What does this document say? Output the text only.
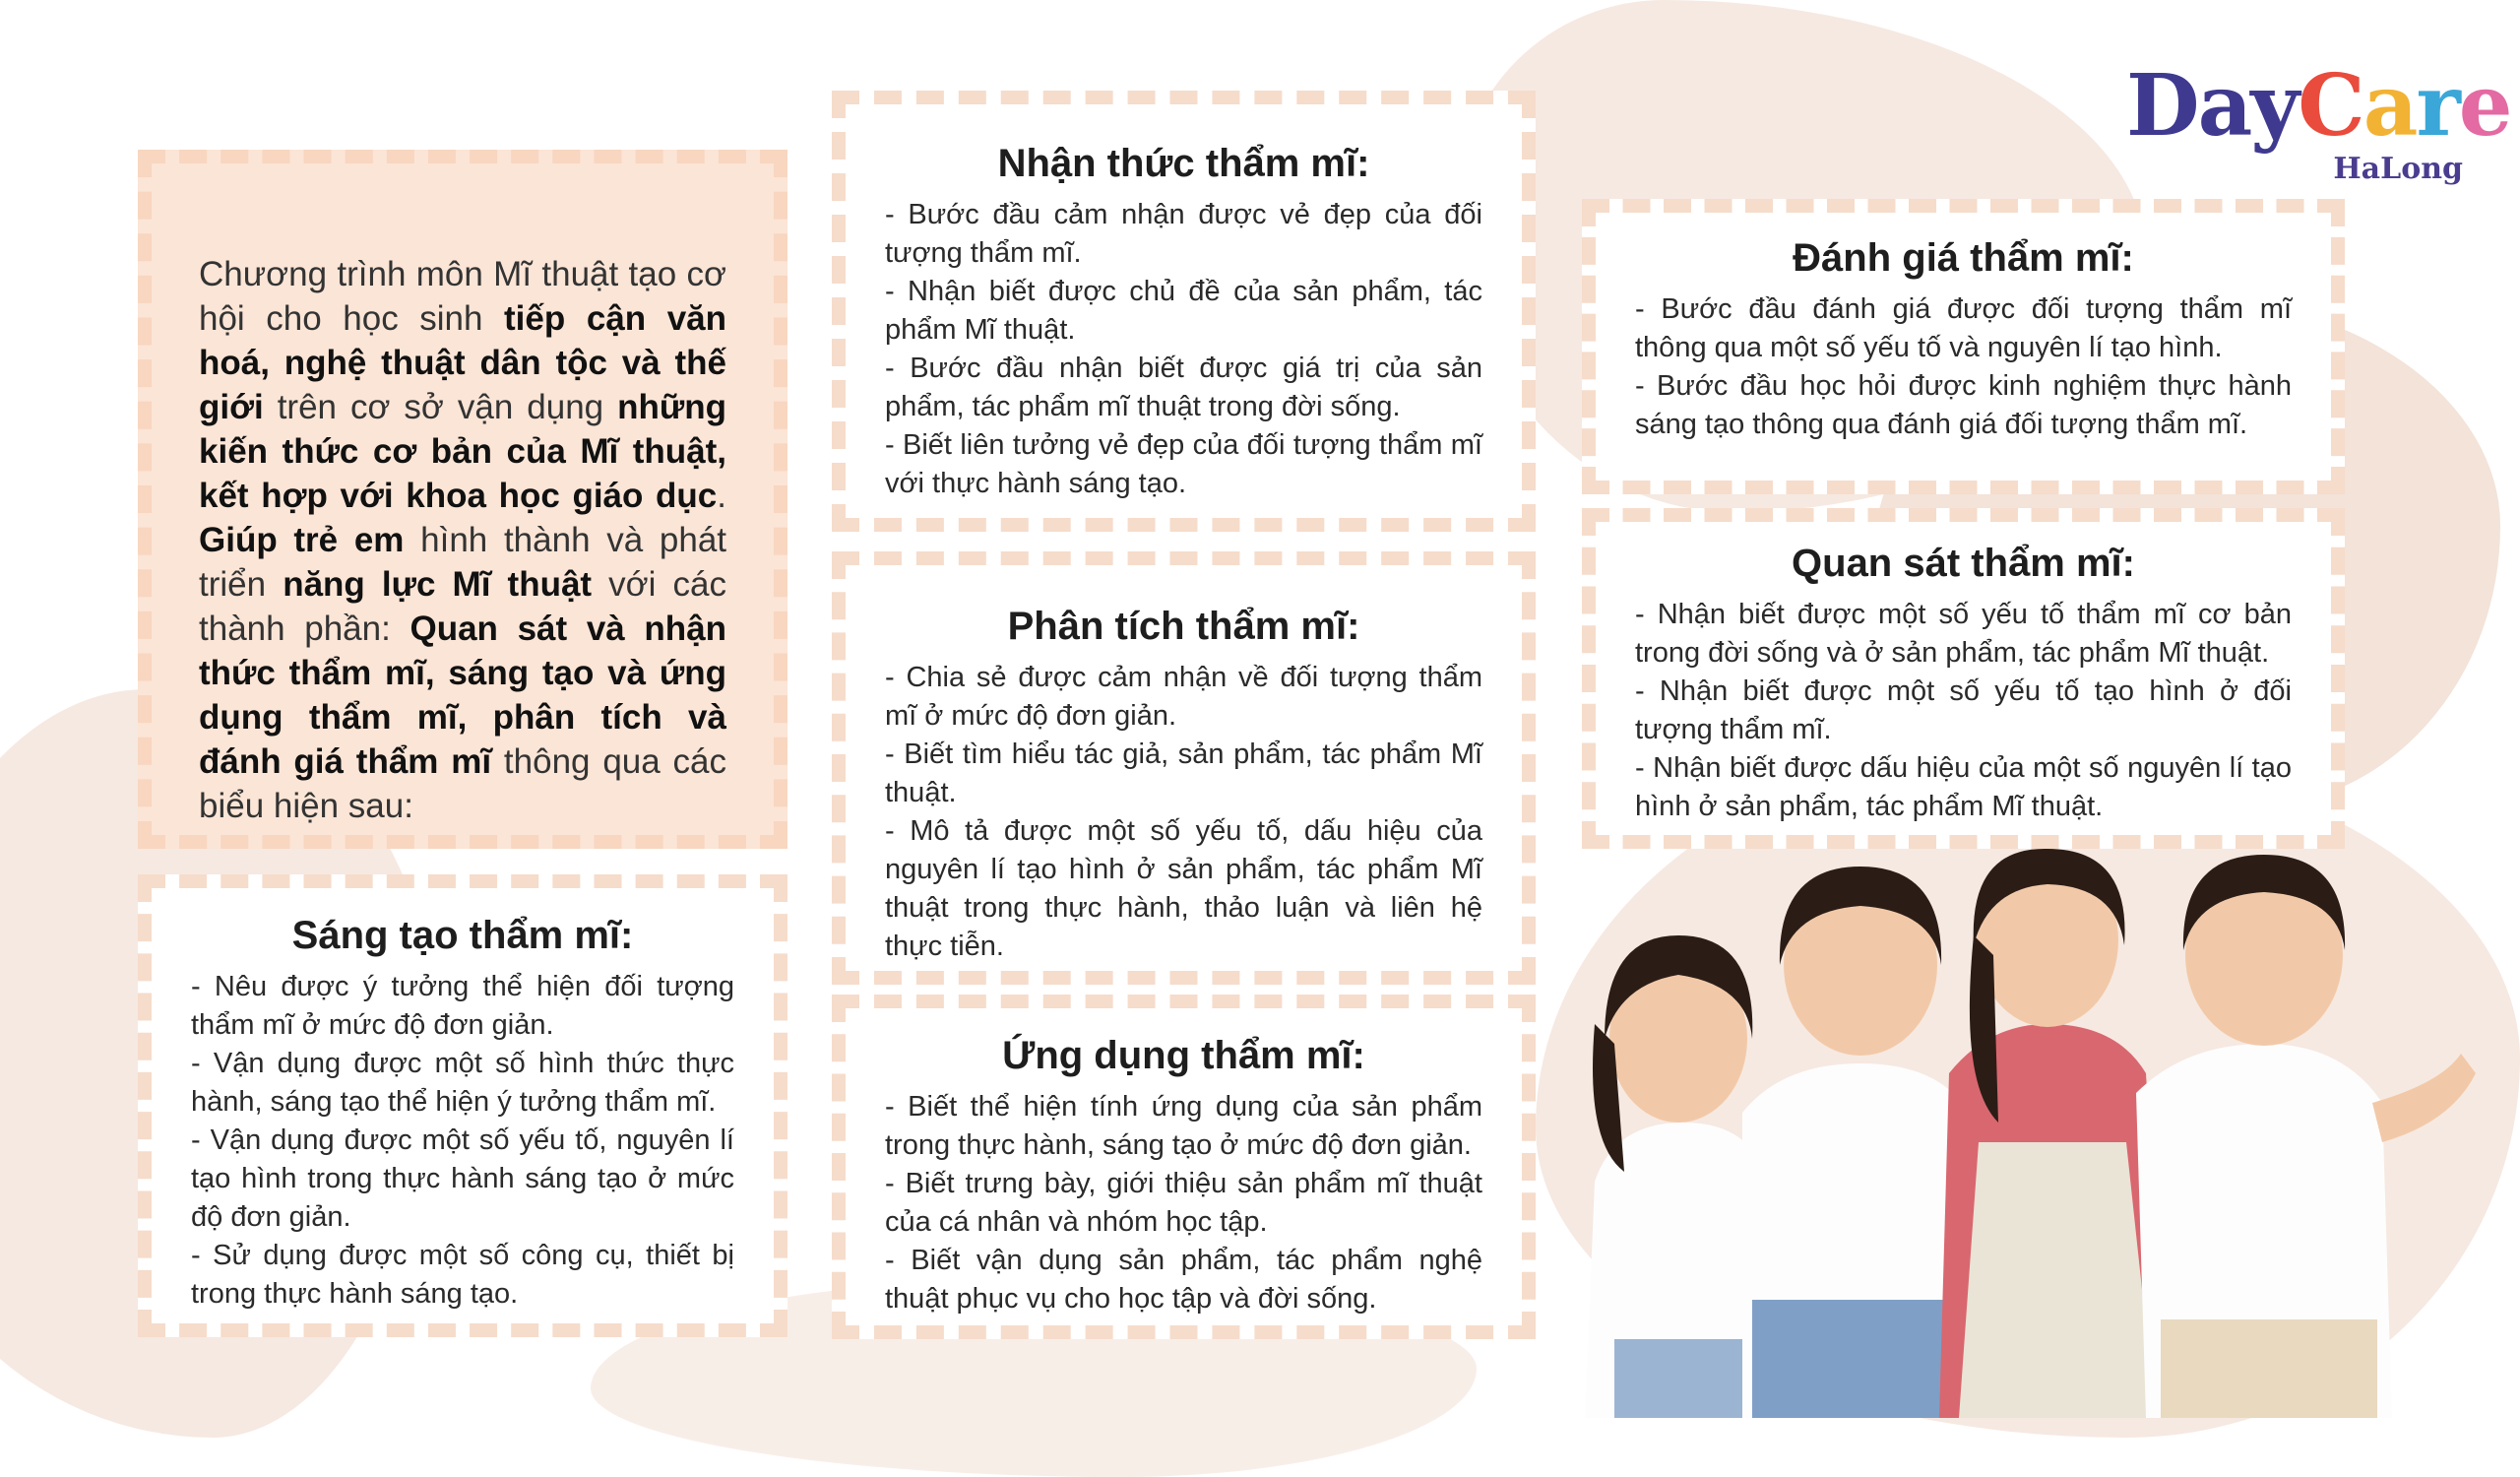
DayCare
HaLong
Chương trình môn Mĩ thuật tạo cơ hội cho học sinh tiếp cận văn hoá, nghệ thuật dân tộc và thế giới trên cơ sở vận dụng những kiến thức cơ bản của Mĩ thuật, kết hợp với khoa học giáo dục. Giúp trẻ em hình thành và phát triển năng lực Mĩ thuật với các thành phần: Quan sát và nhận thức thẩm mĩ, sáng tạo và ứng dụng thẩm mĩ, phân tích và đánh giá thẩm mĩ thông qua các biểu hiện sau:
Sáng tạo thẩm mĩ:
- Nêu được ý tưởng thể hiện đối tượng thẩm mĩ ở mức độ đơn giản.
- Vận dụng được một số hình thức thực hành, sáng tạo thể hiện ý tưởng thẩm mĩ.
- Vận dụng được một số yếu tố, nguyên lí tạo hình trong thực hành sáng tạo ở mức độ đơn giản.
- Sử dụng được một số công cụ, thiết bị trong thực hành sáng tạo.
Nhận thức thẩm mĩ:
- Bước đầu cảm nhận được vẻ đẹp của đối tượng thẩm mĩ.
- Nhận biết được chủ đề của sản phẩm, tác phẩm Mĩ thuật.
- Bước đầu nhận biết được giá trị của sản phẩm, tác phẩm mĩ thuật trong đời sống.
- Biết liên tưởng vẻ đẹp của đối tượng thẩm mĩ với thực hành sáng tạo.
Phân tích thẩm mĩ:
- Chia sẻ được cảm nhận về đối tượng thẩm mĩ ở mức độ đơn giản.
- Biết tìm hiểu tác giả, sản phẩm, tác phẩm Mĩ thuật.
- Mô tả được một số yếu tố, dấu hiệu của nguyên lí tạo hình ở sản phẩm, tác phẩm Mĩ thuật trong thực hành, thảo luận và liên hệ thực tiễn.
Ứng dụng thẩm mĩ:
- Biết thể hiện tính ứng dụng của sản phẩm trong thực hành, sáng tạo ở mức độ đơn giản.
- Biết trưng bày, giới thiệu sản phẩm mĩ thuật của cá nhân và nhóm học tập.
- Biết vận dụng sản phẩm, tác phẩm nghệ thuật phục vụ cho học tập và đời sống.
Đánh giá thẩm mĩ:
- Bước đầu đánh giá được đối tượng thẩm mĩ thông qua một số yếu tố và nguyên lí tạo hình.
- Bước đầu học hỏi được kinh nghiệm thực hành sáng tạo thông qua đánh giá đối tượng thẩm mĩ.
Quan sát thẩm mĩ:
- Nhận biết được một số yếu tố thẩm mĩ cơ bản trong đời sống và ở sản phẩm, tác phẩm Mĩ thuật.
- Nhận biết được một số yếu tố tạo hình ở đối tượng thẩm mĩ.
- Nhận biết được dấu hiệu của một số nguyên lí tạo hình ở sản phẩm, tác phẩm Mĩ thuật.
